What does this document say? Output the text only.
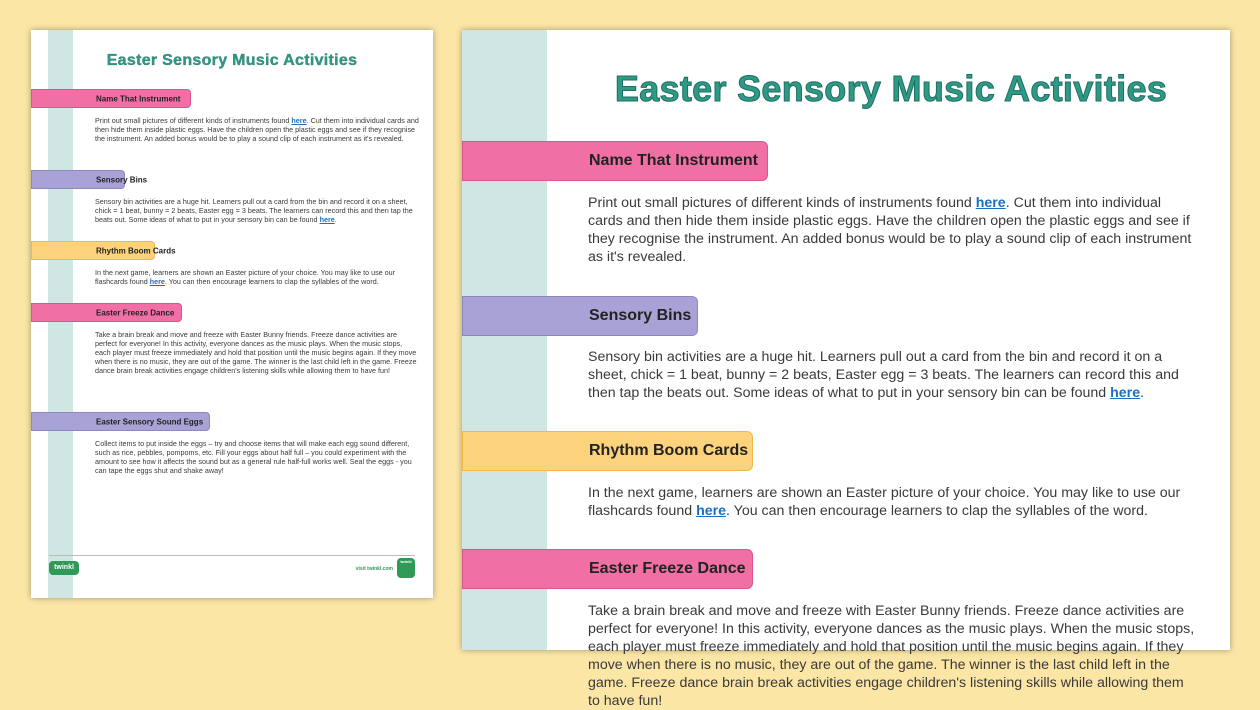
Easter Sensory Music Activities
Name That Instrument
Print out small pictures of different kinds of instruments found here. Cut them into individual cards and then hide them inside plastic eggs. Have the children open the plastic eggs and see if they recognise the instrument. An added bonus would be to play a sound clip of each instrument as it's revealed.
Sensory Bins
Sensory bin activities are a huge hit. Learners pull out a card from the bin and record it on a sheet, chick = 1 beat, bunny = 2 beats, Easter egg = 3 beats. The learners can record this and then tap the beats out. Some ideas of what to put in your sensory bin can be found here.
Rhythm Boom Cards
In the next game, learners are shown an Easter picture of your choice. You may like to use our flashcards found here. You can then encourage learners to clap the syllables of the word.
Easter Freeze Dance
Take a brain break and move and freeze with Easter Bunny friends. Freeze dance activities are perfect for everyone! In this activity, everyone dances as the music plays. When the music stops, each player must freeze immediately and hold that position until the music begins again. If they move when there is no music, they are out of the game. The winner is the last child left in the game. Freeze dance brain break activities engage children's listening skills while allowing them to have fun!
Easter Sensory Sound Eggs
Collect items to put inside the eggs – try and choose items that will make each egg sound different, such as rice, pebbles, pompoms, etc. Fill your eggs about half full – you could experiment with the amount to see how it affects the sound but as a general rule half-full works well. Seal the eggs - you can tape the eggs shut and shake away!
twinkl	visit twinkl.com
twinkl
Easter Sensory Music Activities
Name That Instrument
Print out small pictures of different kinds of instruments found here. Cut them into individual cards and then hide them inside plastic eggs. Have the children open the plastic eggs and see if they recognise the instrument. An added bonus would be to play a sound clip of each instrument as it's revealed.
Sensory Bins
Sensory bin activities are a huge hit. Learners pull out a card from the bin and record it on a sheet, chick = 1 beat, bunny = 2 beats, Easter egg = 3 beats. The learners can record this and then tap the beats out. Some ideas of what to put in your sensory bin can be found here.
Rhythm Boom Cards
In the next game, learners are shown an Easter picture of your choice. You may like to use our flashcards found here. You can then encourage learners to clap the syllables of the word.
Easter Freeze Dance
Take a brain break and move and freeze with Easter Bunny friends. Freeze dance activities are perfect for everyone! In this activity, everyone dances as the music plays. When the music stops, each player must freeze immediately and hold that position until the music begins again. If they move when there is no music, they are out of the game. The winner is the last child left in the game. Freeze dance brain break activities engage children's listening skills while allowing them to have fun!
